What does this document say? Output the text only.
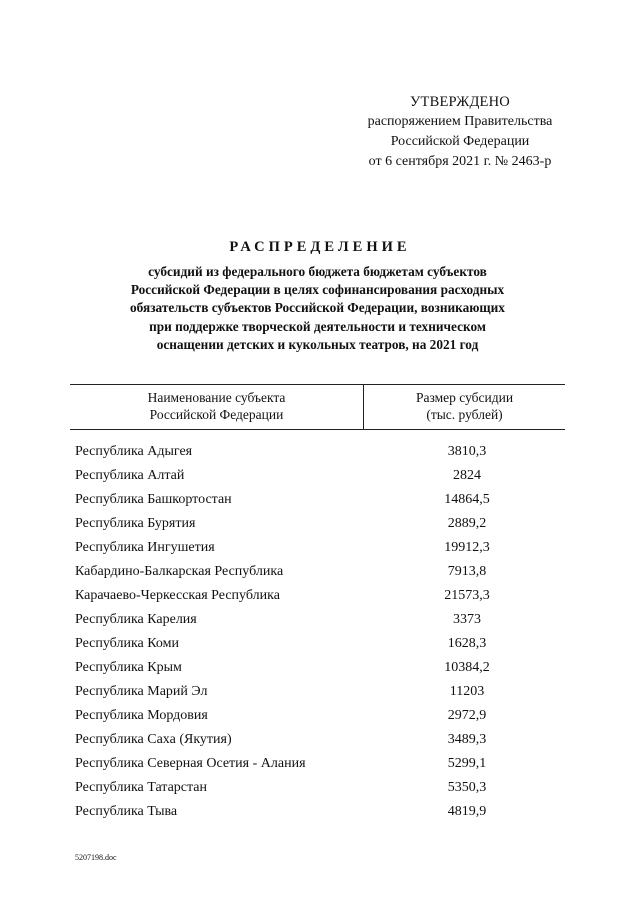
УТВЕРЖДЕНО
распоряжением Правительства
Российской Федерации
от 6 сентября 2021 г. № 2463-р
РАСПРЕДЕЛЕНИЕ
субсидий из федерального бюджета бюджетам субъектов
Российской Федерации в целях софинансирования расходных
обязательств субъектов Российской Федерации, возникающих
при поддержке творческой деятельности и техническом
оснащении детских и кукольных театров, на 2021 год
Наименование субъекта
Российской Федерации
Размер субсидии
(тыс. рублей)
Республика Адыгея	3810,3
Республика Алтай	2824
Республика Башкортостан	14864,5
Республика Бурятия	2889,2
Республика Ингушетия	19912,3
Кабардино-Балкарская Республика	7913,8
Карачаево-Черкесская Республика	21573,3
Республика Карелия	3373
Республика Коми	1628,3
Республика Крым	10384,2
Республика Марий Эл	11203
Республика Мордовия	2972,9
Республика Саха (Якутия)	3489,3
Республика Северная Осетия - Алания	5299,1
Республика Татарстан	5350,3
Республика Тыва	4819,9
5207198.doc
